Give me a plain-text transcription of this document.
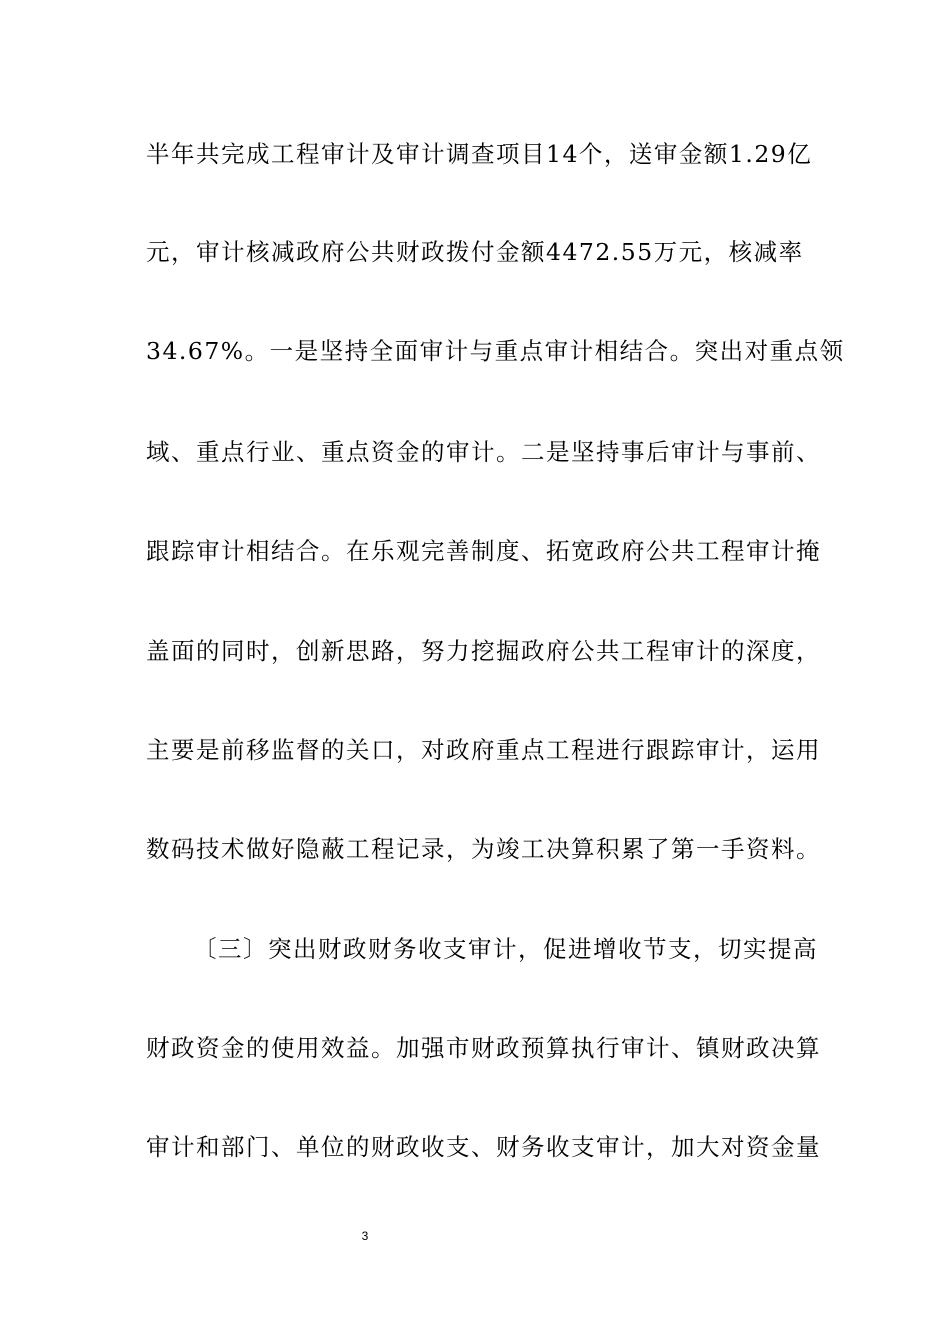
半年共完成工程审计及审计调查项目14个，送审金额1.29亿
元，审计核减政府公共财政拨付金额4472.55万元，核减率
34.67%。一是坚持全面审计与重点审计相结合。突出对重点领
域、重点行业、重点资金的审计。二是坚持事后审计与事前、
跟踪审计相结合。在乐观完善制度、拓宽政府公共工程审计掩
盖面的同时，创新思路，努力挖掘政府公共工程审计的深度，
主要是前移监督的关口，对政府重点工程进行跟踪审计，运用
数码技术做好隐蔽工程记录，为竣工决算积累了第一手资料。
〔三〕突出财政财务收支审计，促进增收节支，切实提高
财政资金的使用效益。加强市财政预算执行审计、镇财政决算
审计和部门、单位的财政收支、财务收支审计，加大对资金量
3
